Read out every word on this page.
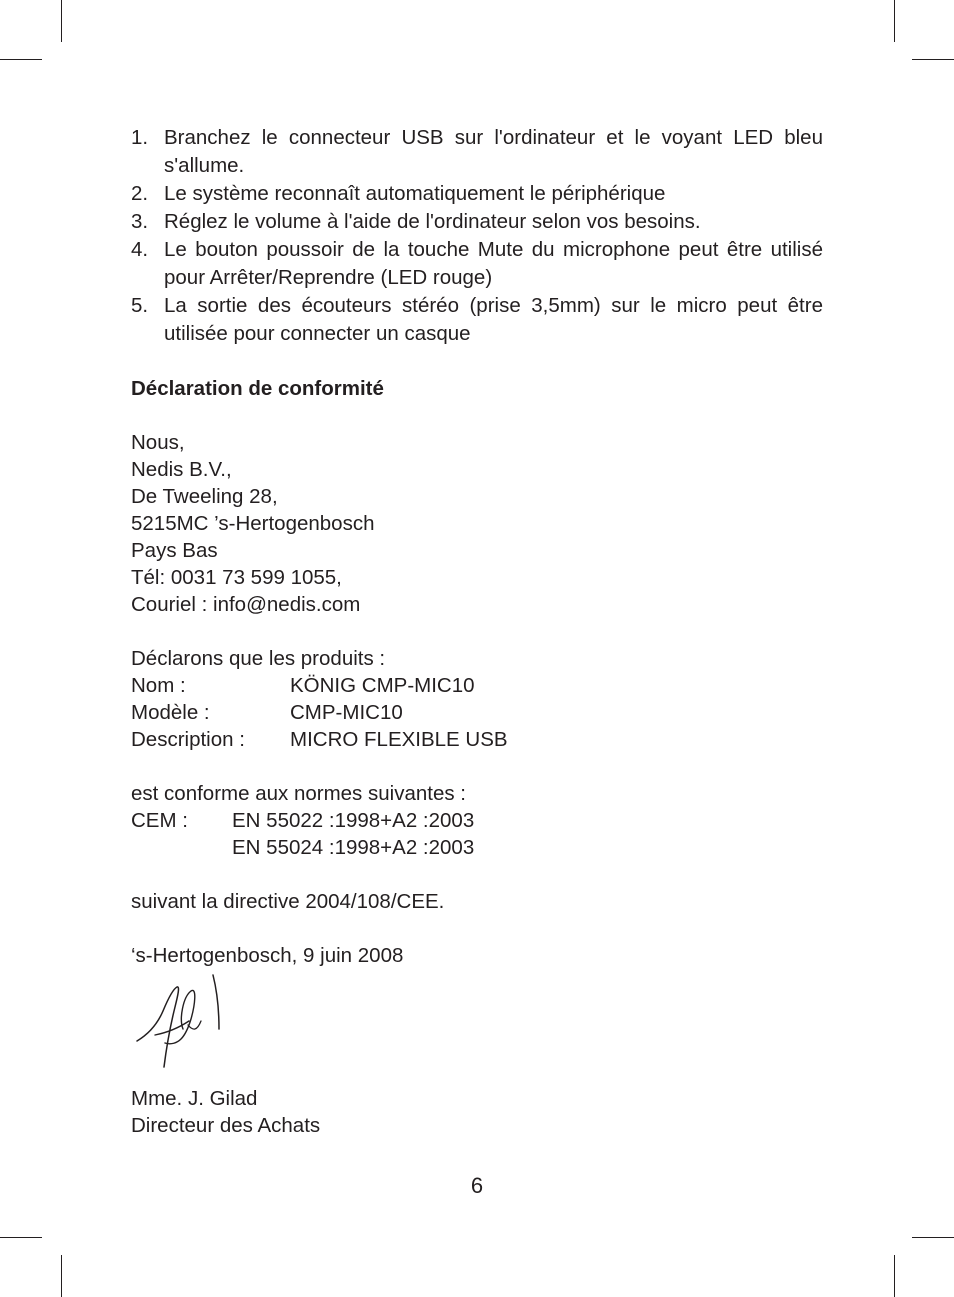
1. Branchez le connecteur USB sur l'ordinateur et le voyant LED bleu s'allume.
2. Le système reconnaît automatiquement le périphérique
3. Réglez le volume à l'aide de l'ordinateur selon vos besoins.
4. Le bouton poussoir de la touche Mute du microphone peut être utilisé pour Arrêter/Reprendre (LED rouge)
5. La sortie des écouteurs stéréo (prise 3,5mm) sur le micro peut être utilisée pour connecter un casque
Déclaration de conformité
Nous,
Nedis B.V.,
De Tweeling 28,
5215MC ’s-Hertogenbosch
Pays Bas
Tél: 0031 73 599 1055,
Couriel : info@nedis.com
Déclarons que les produits :
Nom :	KÖNIG CMP-MIC10
Modèle :	CMP-MIC10
Description :	MICRO FLEXIBLE USB
est conforme aux normes suivantes :
CEM :	EN 55022 :1998+A2 :2003
EN 55024 :1998+A2 :2003
suivant la directive 2004/108/CEE.
‘s-Hertogenbosch, 9 juin 2008
Mme. J. Gilad
Directeur des Achats
6
